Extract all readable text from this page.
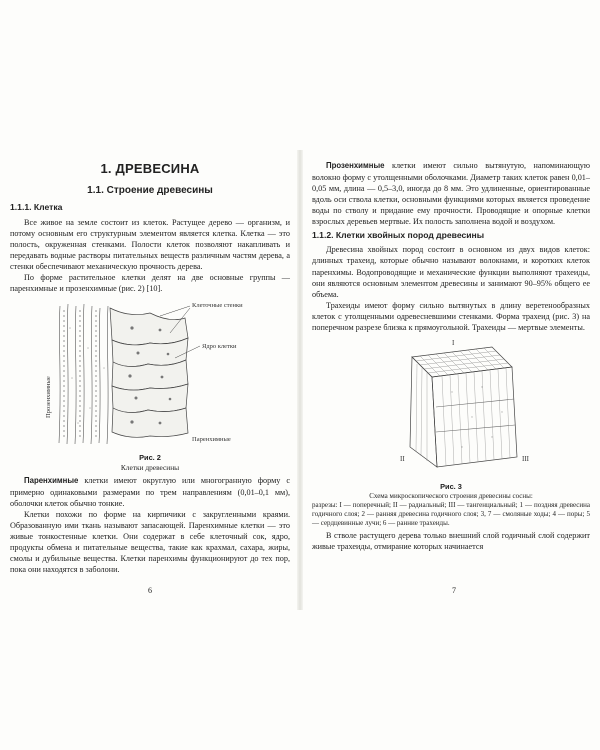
1. ДРЕВЕСИНА
1.1. Строение древесины
1.1.1. Клетка

Все живое на земле состоит из клеток. Растущее дерево — организм, и потому основным его структурным элементом является клетка. Клетка — это полость, окруженная стенками. Полости клеток позволяют накапливать и передавать водные растворы питательных веществ различным частям дерева, а стенки обеспечивают механическую прочность дерева.

По форме растительное клетки делят на две основные группы — паренхимные и прозенхимные (рис. 2) [10].

Клеточные стенки
Ядро клетки
Паренхимные
Прозенхимные
Рис. 2
Клетки древесины

Паренхимные клетки имеют округлую или многогранную форму с примерно одинаковыми размерами по трем направлениям (0,01–0,1 мм), оболочки клеток обычно тонкие.

Клетки похожи по форме на кирпичики с закругленными краями. Образованную ими ткань называют запасающей. Паренхимные клетки — это живые тонкостенные клетки. Они содержат в себе клеточный сок, ядро, продукты обмена и питательные вещества, такие как крахмал, сахара, жиры, смолы и дубильные вещества. Клетки паренхимы функционируют до тех пор, пока они находятся в заболони.

6

Прозенхимные клетки имеют сильно вытянутую, напоминающую волокно форму с утолщенными оболочками. Диаметр таких клеток равен 0,01–0,05 мм, длина — 0,5–3,0, иногда до 8 мм. Это удлиненные, ориентированные вдоль оси ствола клетки, основными функциями которых является проведение воды по стволу и придание ему прочности. Проводящие и опорные клетки взрослых деревьев мертвые. Их полость заполнена водой и воздухом.

1.1.2. Клетки хвойных пород древесины

Древесина хвойных пород состоит в основном из двух видов клеток: длинных трахеид, которые обычно называют волокнами, и коротких клеток паренхимы. Водопроводящие и механические функции выполняют трахеиды, они являются основным элементом древесины и занимают 90–95% общего ее объема.

Трахеиды имеют форму сильно вытянутых в длину веретенообразных клеток с утолщенными одревесневшими стенками. Форма трахеид (рис. 3) на поперечном разрезе близка к прямоугольной. Трахеиды — мертвые элементы.

I
II	III
Рис. 3
Схема микроскопического строения древесины сосны:
разрезы: I — поперечный; II — радиальный; III — тангенциальный; 1 — поздняя древесина годичного слоя; 2 — ранняя древесина годичного слоя; 3, 7 — смоляные ходы; 4 — поры; 5 — сердцевинные лучи; 6 — ранние трахеиды.

В стволе растущего дерева только внешний слой годичный слой содержит живые трахеиды, отмирание которых начинается

7
